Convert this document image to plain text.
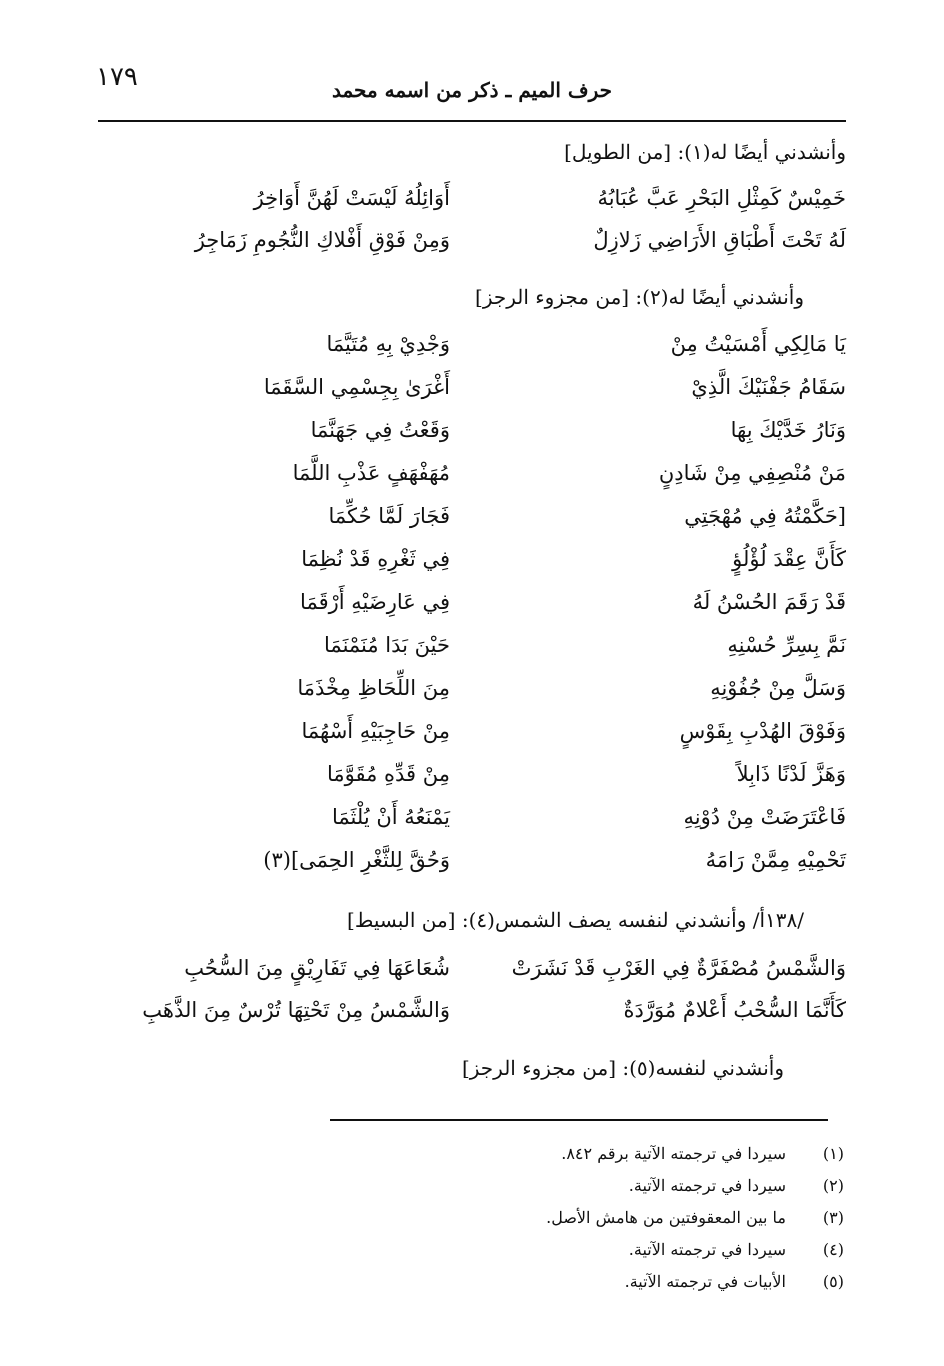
١٧٩	حرف الميم ـ ذكر من اسمه محمد
وأنشدني أيضًا له(١): [من الطويل]
خَمِيْسٌ كَمِثْلِ البَحْرِ عَبَّ عُبَابُهُ
أَوَائِلُهُ لَيْسَتْ لَهُنَّ أَوَاخِرُ
لَهُ تَحْتَ أَطْبَاقِ الأَرَاضِي زَلازِلٌ
وَمِنْ فَوْقِ أَفْلاكِ النُّجُومِ زَمَاجِرُ
وأنشدني أيضًا له(٢): [من مجزوء الرجز]
يَا مَالِكِي أَمْسَيْتُ مِنْ
وَجْدِيْ بِهِ مُتَيَّمَا
سَقَامُ جَفْنَيْكَ الَّذِيْ
أَغْرَىٰ بِجِسْمِي السَّقَمَا
وَنَارُ خَدَّيْكَ بِهَا
وَقَعْتُ فِي جَهَنَّمَا
مَنْ مُنْصِفِي مِنْ شَادِنٍ
مُهَفْهَفٍ عَذْبِ اللَّمَا
[حَكَّمْتُهُ فِي مُهْجَتِي
فَجَارَ لَمَّا حُكِّمَا
كَأَنَّ عِقْدَ لُؤْلُؤٍ
فِي ثَغْرِهِ قَدْ نُظِمَا
قَدْ رَقَمَ الحُسْنُ لَهُ
فِي عَارِضَيْهِ أَرْقَمَا
نَمَّ بِسِرِّ حُسْنِهِ
حَيْنَ بَدَا مُنَمْنَمَا
وَسَلَّ مِنْ جُفُوْنِهِ
مِنَ اللِّحَاظِ مِخْذَمَا
وَفَوْقَ الهُدْبِ بِقَوْسٍ
مِنْ حَاجِبَيْهِ أَسْهُمَا
وَهَزَّ لَدْنًا ذَابِلاً
مِنْ قَدِّهِ مُقَوَّمَا
فَاعْتَرَضَتْ مِنْ دُوْنِهِ
يَمْنَعُهُ أَنْ يُلْثَمَا
تَحْمِيْهِ مِمَّنْ رَامَهُ
وَحُقَّ لِلثَّغْرِ الحِمَى](٣)
/١٣٨أ/ وأنشدني لنفسه يصف الشمس(٤): [من البسيط]
وَالشَّمْسُ مُصْفَرَّةٌ فِي الغَرْبِ قَدْ نَشَرَتْ
شُعَاعَهَا فِي تَفَارِيْقٍ مِنَ السُّحُبِ
كَأَنَّمَا السُّحْبُ أَعْلامٌ مُوَرَّدَةٌ
وَالشَّمْسُ مِنْ تَحْتِهَا تُرْسٌ مِنَ الذَّهَبِ
وأنشدني لنفسه(٥): [من مجزوء الرجز]
(١)سيردا في ترجمته الآتية برقم ٨٤٢.
(٢)سيردا في ترجمته الآتية.
(٣)ما بين المعقوفتين من هامش الأصل.
(٤)سيردا في ترجمته الآتية.
(٥)الأبيات في ترجمته الآتية.
